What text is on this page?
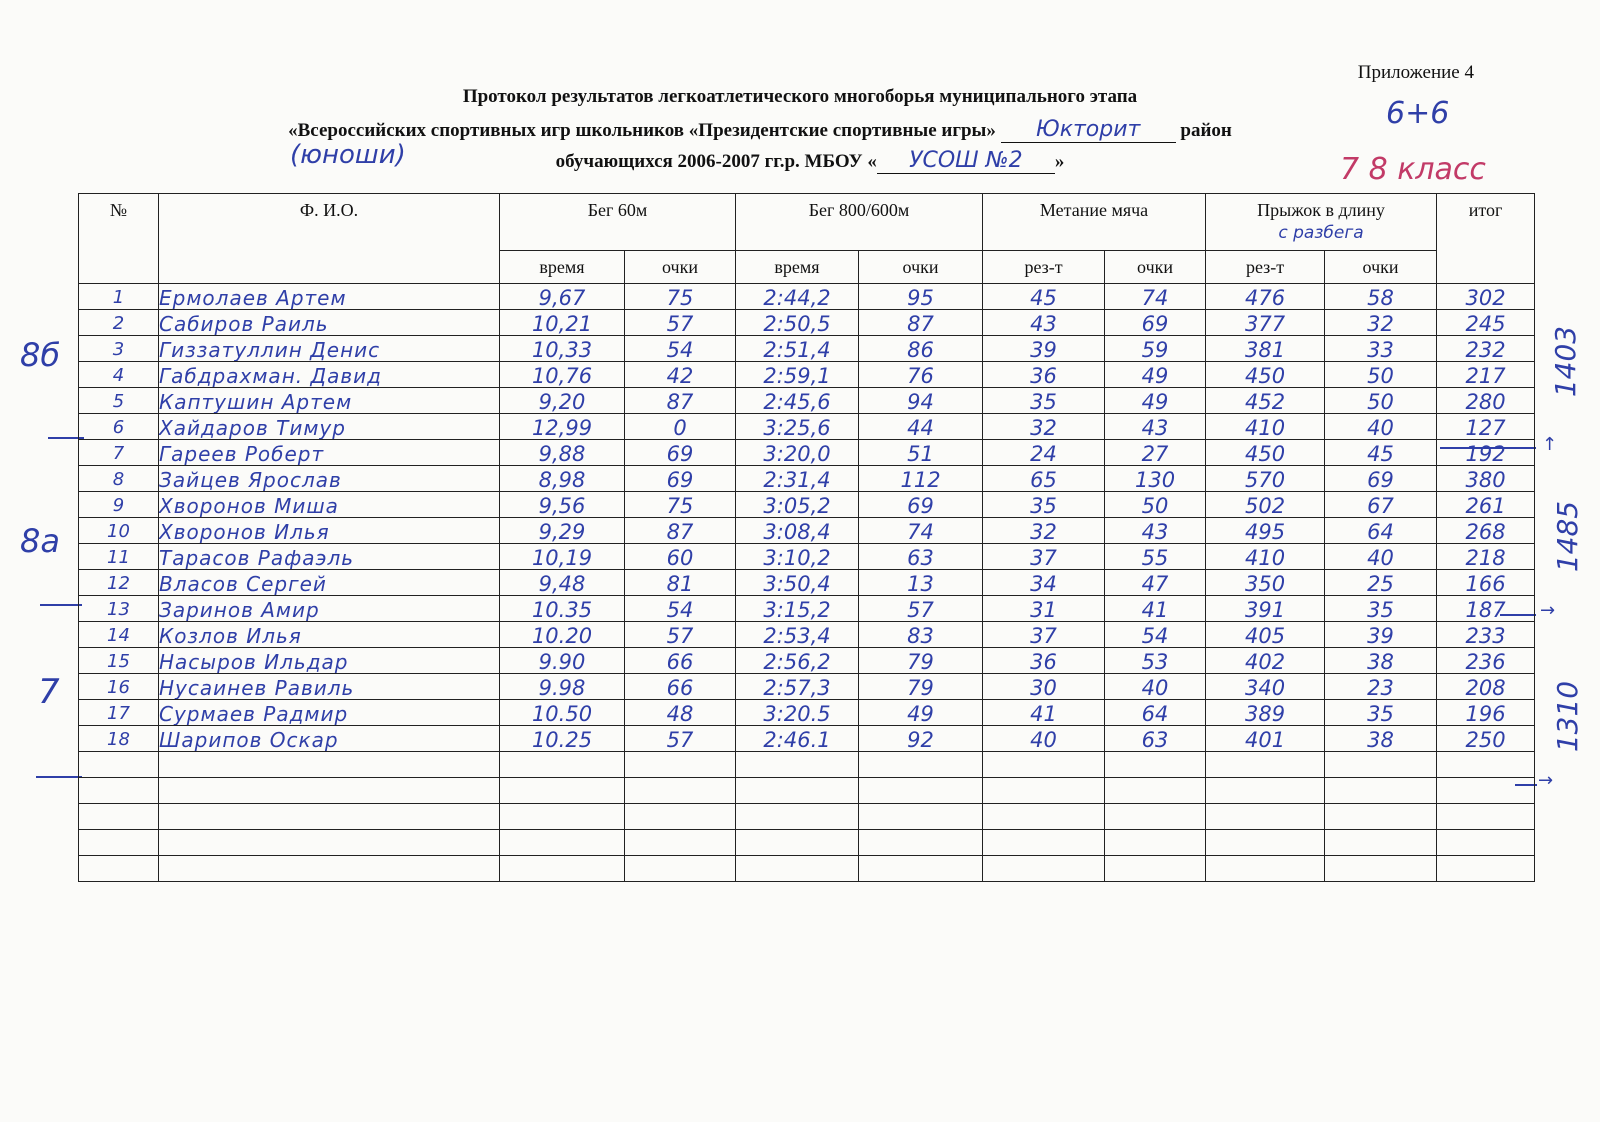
Приложение 4
Протокол результатов легкоатлетического многоборья муниципального этапа
«Всероссийских спортивных игр школьников «Президентские спортивные игры» Юкторит район
обучающихся 2006-2007 гг.р. МБОУ « УСОШ №2 »
(юноши)
6+6
7 8 класс
8б
8а
7
↑
→
→
1403
1485
1310
№	Ф. И.О.	Бег 60м		Бег 800/600м		Метание мяча		Прыжок в длину
с разбега		итог
		время	очки	время	очки	рез-т	очки	рез-т	очки	
1	Ермолаев Артем	9,67	75	2:44,2	95	45	74	476	58	302
2	Сабиров Раиль	10,21	57	2:50,5	87	43	69	377	32	245
3	Гиззатуллин Денис	10,33	54	2:51,4	86	39	59	381	33	232
4	Габдрахман. Давид	10,76	42	2:59,1	76	36	49	450	50	217
5	Каптушин Артем	9,20	87	2:45,6	94	35	49	452	50	280
6	Хайдаров Тимур	12,99	0	3:25,6	44	32	43	410	40	127
7	Гареев Роберт	9,88	69	3:20,0	51	24	27	450	45	192
8	Зайцев Ярослав	8,98	69	2:31,4	112	65	130	570	69	380
9	Хворонов Миша	9,56	75	3:05,2	69	35	50	502	67	261
10	Хворонов Илья	9,29	87	3:08,4	74	32	43	495	64	268
11	Тарасов Рафаэль	10,19	60	3:10,2	63	37	55	410	40	218
12	Власов Сергей	9,48	81	3:50,4	13	34	47	350	25	166
13	Заринов Амир	10.35	54	3:15,2	57	31	41	391	35	187
14	Козлов Илья	10.20	57	2:53,4	83	37	54	405	39	233
15	Насыров Ильдар	9.90	66	2:56,2	79	36	53	402	38	236
16	Нусаинев Равиль	9.98	66	2:57,3	79	30	40	340	23	208
17	Сурмаев Радмир	10.50	48	3:20.5	49	41	64	389	35	196
18	Шарипов Оскар	10.25	57	2:46.1	92	40	63	401	38	250
